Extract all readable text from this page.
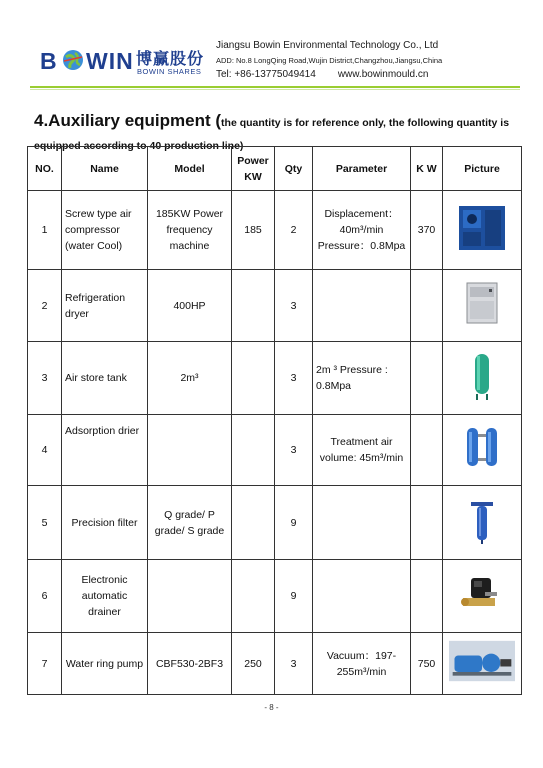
B WIN 博赢股份
BOWIN SHARES
Jiangsu Bowin Environmental Technology Co., Ltd
ADD: No.8 LongQing Road,Wujin District,Changzhou,Jiangsu,China
Tel: +86-13775049414 www.bowinmould.cn
4.Auxiliary equipment (the quantity is for reference only, the following quantity is equipped according to 40 production line)
NO.	Name	Model	Power KW	Qty	Parameter	K W	Picture
1	Screw type air compressor (water Cool)	185KW Power frequency machine	185	2	Displacement：40m³/min Pressure：0.8Mpa	370	
2	Refrigeration dryer	400HP		3			
3	Air store tank	2m³		3	2m ³ Pressure : 0.8Mpa		
4	Adsorption drier			3	Treatment air volume: 45m³/min		
5	Precision filter	Q grade/ P grade/ S grade		9			
6	Electronic automatic drainer			9			
7	Water ring pump	CBF530-2BF3	250	3	Vacuum：197-255m³/min	750	
- 8 -
